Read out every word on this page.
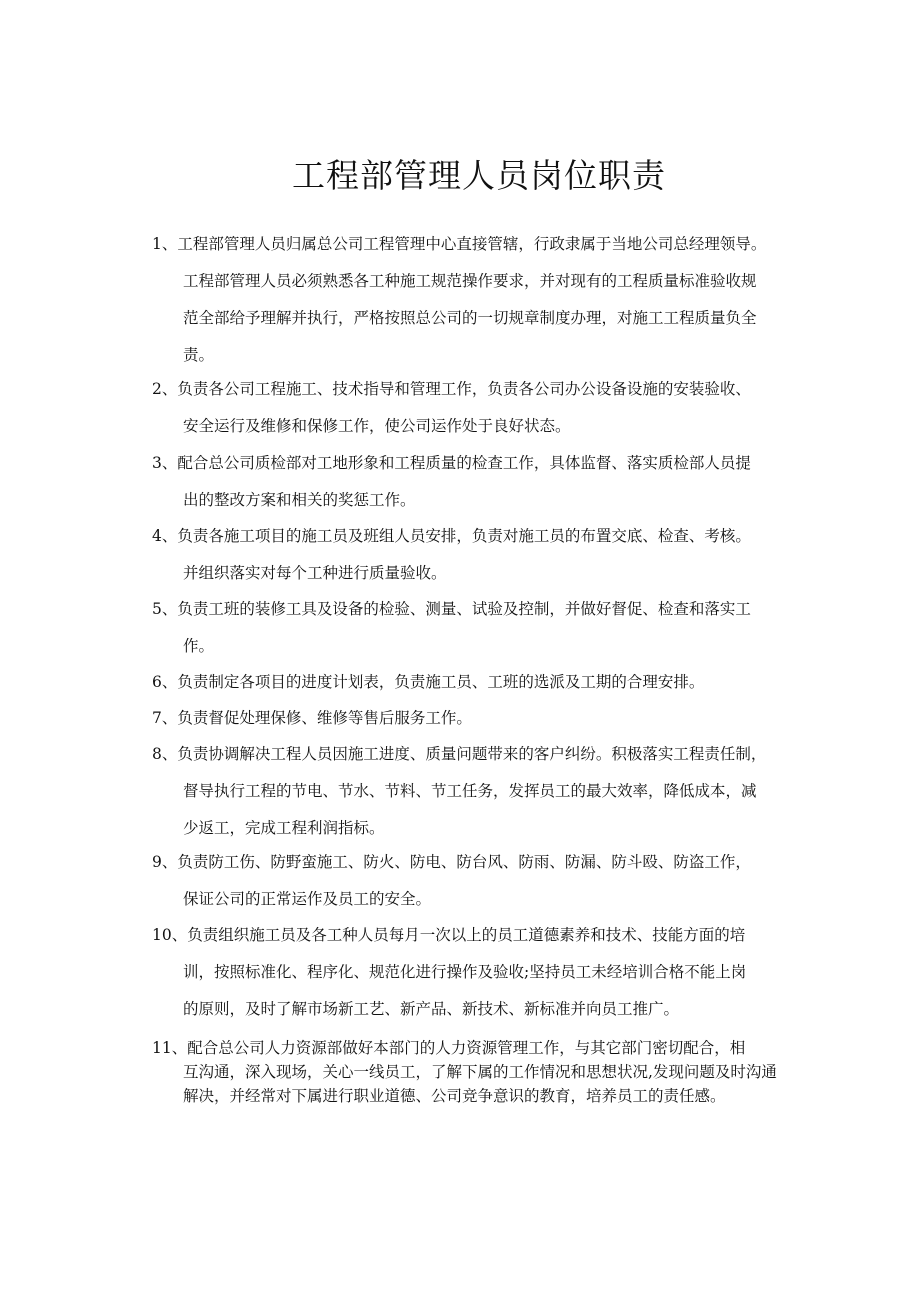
工程部管理人员岗位职责
1、工程部管理人员归属总公司工程管理中心直接管辖，行政隶属于当地公司总经理领导。
工程部管理人员必须熟悉各工种施工规范操作要求，并对现有的工程质量标准验收规
范全部给予理解并执行，严格按照总公司的一切规章制度办理，对施工工程质量负全
责。
2、负责各公司工程施工、技术指导和管理工作，负责各公司办公设备设施的安装验收、
安全运行及维修和保修工作，使公司运作处于良好状态。
3、配合总公司质检部对工地形象和工程质量的检查工作，具体监督、落实质检部人员提
出的整改方案和相关的奖惩工作。
4、负责各施工项目的施工员及班组人员安排，负责对施工员的布置交底、检查、考核。
并组织落实对每个工种进行质量验收。
5、负责工班的装修工具及设备的检验、测量、试验及控制，并做好督促、检查和落实工
作。
6、负责制定各项目的进度计划表，负责施工员、工班的选派及工期的合理安排。
7、负责督促处理保修、维修等售后服务工作。
8、负责协调解决工程人员因施工进度、质量问题带来的客户纠纷。积极落实工程责任制，
督导执行工程的节电、节水、节料、节工任务，发挥员工的最大效率，降低成本，减
少返工，完成工程利润指标。
9、负责防工伤、防野蛮施工、防火、防电、防台风、防雨、防漏、防斗殴、防盗工作，
保证公司的正常运作及员工的安全。
10、负责组织施工员及各工种人员每月一次以上的员工道德素养和技术、技能方面的培
训，按照标准化、程序化、规范化进行操作及验收;坚持员工未经培训合格不能上岗
的原则，及时了解市场新工艺、新产品、新技术、新标准并向员工推广。
11、配合总公司人力资源部做好本部门的人力资源管理工作，与其它部门密切配合，相
互沟通，深入现场，关心一线员工，了解下属的工作情况和思想状况,发现问题及时沟通
解决，并经常对下属进行职业道德、公司竞争意识的教育，培养员工的责任感。
